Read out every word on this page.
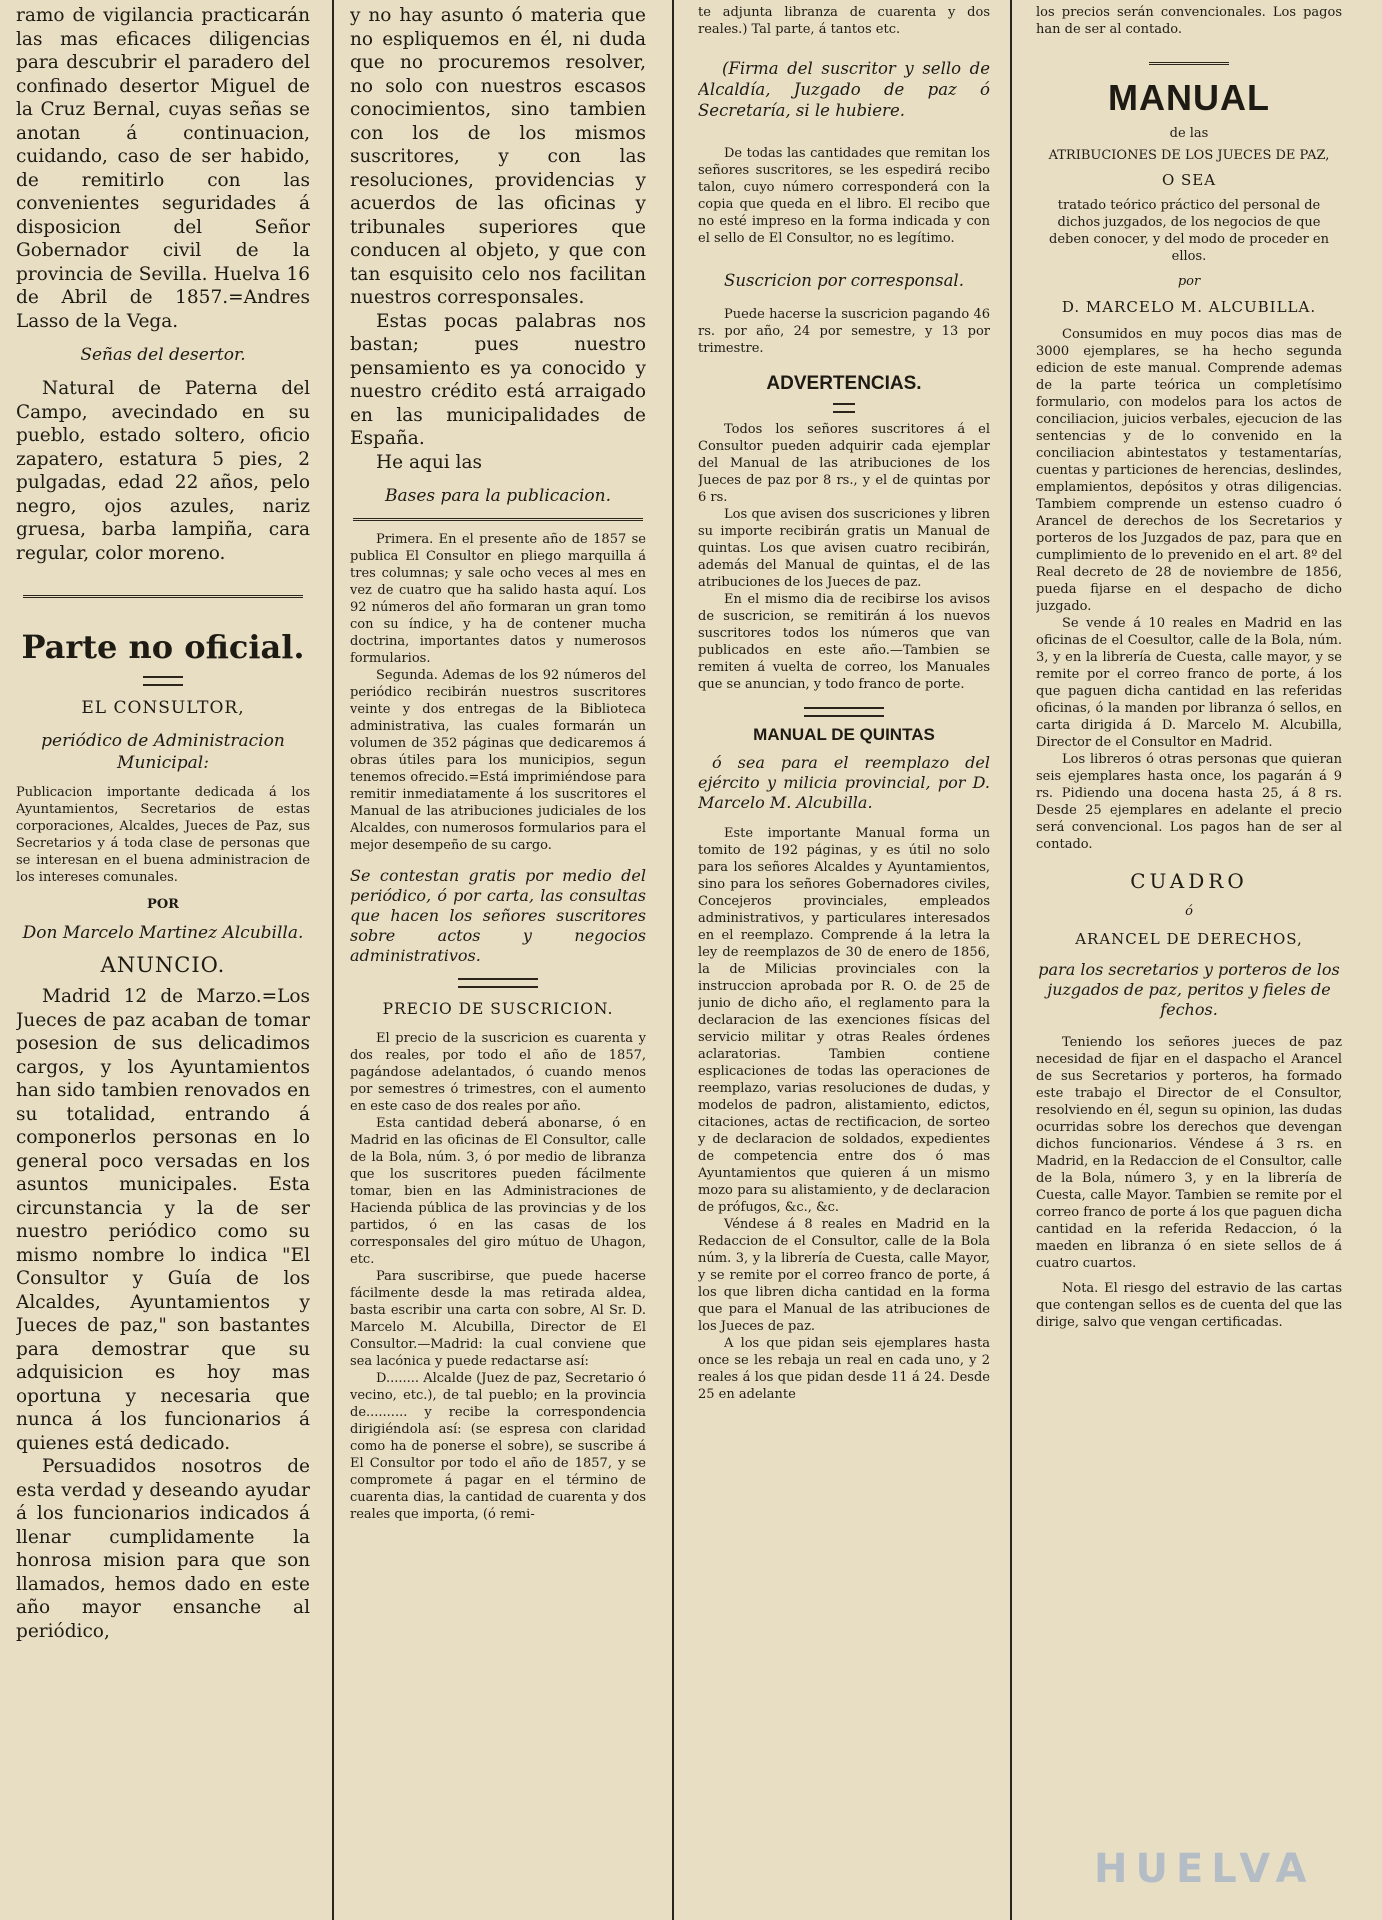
ramo de vigilancia practicarán las mas eficaces diligencias para descubrir el paradero del confinado desertor Miguel de la Cruz Bernal, cuyas señas se anotan á continuacion, cuidando, caso de ser habido, de remitirlo con las convenientes seguridades á disposicion del Señor Gobernador civil de la provincia de Sevilla. Huelva 16 de Abril de 1857.=Andres Lasso de la Vega.

Señas del desertor.

Natural de Paterna del Campo, avecindado en su pueblo, estado soltero, oficio zapatero, estatura 5 pies, 2 pulgadas, edad 22 años, pelo negro, ojos azules, nariz gruesa, barba lampiña, cara regular, color moreno.

Parte no oficial.

EL CONSULTOR,

periódico de Administracion Municipal:

Publicacion importante dedicada á los Ayuntamientos, Secretarios de estas corporaciones, Alcaldes, Jueces de Paz, sus Secretarios y á toda clase de personas que se interesan en el buena administracion de los intereses comunales.

POR

Don Marcelo Martinez Alcubilla.

ANUNCIO.

Madrid 12 de Marzo.=Los Jueces de paz acaban de tomar posesion de sus delicadimos cargos, y los Ayuntamientos han sido tambien renovados en su totalidad, entrando á componerlos personas en lo general poco versadas en los asuntos municipales. Esta circunstancia y la de ser nuestro periódico como su mismo nombre lo indica "El Consultor y Guía de los Alcaldes, Ayuntamientos y Jueces de paz," son bastantes para demostrar que su adquisicion es hoy mas oportuna y necesaria que nunca á los funcionarios á quienes está dedicado.

Persuadidos nosotros de esta verdad y deseando ayudar á los funcionarios indicados á llenar cumplidamente la honrosa mision para que son llamados, hemos dado en este año mayor ensanche al periódico,

y no hay asunto ó materia que no espliquemos en él, ni duda que no procuremos resolver, no solo con nuestros escasos conocimientos, sino tambien con los de los mismos suscritores, y con las resoluciones, providencias y acuerdos de las oficinas y tribunales superiores que conducen al objeto, y que con tan esquisito celo nos facilitan nuestros corresponsales.

Estas pocas palabras nos bastan; pues nuestro pensamiento es ya conocido y nuestro crédito está arraigado en las municipalidades de España.

He aqui las

Bases para la publicacion.

Primera. En el presente año de 1857 se publica El Consultor en pliego marquilla á tres columnas; y sale ocho veces al mes en vez de cuatro que ha salido hasta aquí. Los 92 números del año formaran un gran tomo con su índice, y ha de contener mucha doctrina, importantes datos y numerosos formularios.

Segunda. Ademas de los 92 números del periódico recibirán nuestros suscritores veinte y dos entregas de la Biblioteca administrativa, las cuales formarán un volumen de 352 páginas que dedicaremos á obras útiles para los municipios, segun tenemos ofrecido.=Está imprimiéndose para remitir inmediatamente á los suscritores el Manual de las atribuciones judiciales de los Alcaldes, con numerosos formularios para el mejor desempeño de su cargo.

Se contestan gratis por medio del periódico, ó por carta, las consultas que hacen los señores suscritores sobre actos y negocios administrativos.

PRECIO DE SUSCRICION.

El precio de la suscricion es cuarenta y dos reales, por todo el año de 1857, pagándose adelantados, ó cuando menos por semestres ó trimestres, con el aumento en este caso de dos reales por año.

Esta cantidad deberá abonarse, ó en Madrid en las oficinas de El Consultor, calle de la Bola, núm. 3, ó por medio de libranza que los suscritores pueden fácilmente tomar, bien en las Administraciones de Hacienda pública de las provincias y de los partidos, ó en las casas de los corresponsales del giro mútuo de Uhagon, etc.

Para suscribirse, que puede hacerse fácilmente desde la mas retirada aldea, basta escribir una carta con sobre, Al Sr. D. Marcelo M. Alcubilla, Director de El Consultor.—Madrid: la cual conviene que sea lacónica y puede redactarse así:

D........ Alcalde (Juez de paz, Secretario ó vecino, etc.), de tal pueblo; en la provincia de.......... y recibe la correspondencia dirigiéndola así: (se espresa con claridad como ha de ponerse el sobre), se suscribe á El Consultor por todo el año de 1857, y se compromete á pagar en el término de cuarenta dias, la cantidad de cuarenta y dos reales que importa, (ó remi-

te adjunta libranza de cuarenta y dos reales.) Tal parte, á tantos etc.

(Firma del suscritor y sello de Alcaldía, Juzgado de paz ó Secretaría, si le hubiere.

De todas las cantidades que remitan los señores suscritores, se les espedirá recibo talon, cuyo número corresponderá con la copia que queda en el libro. El recibo que no esté impreso en la forma indicada y con el sello de El Consultor, no es legítimo.

Suscricion por corresponsal.

Puede hacerse la suscricion pagando 46 rs. por año, 24 por semestre, y 13 por trimestre.

ADVERTENCIAS.

Todos los señores suscritores á el Consultor pueden adquirir cada ejemplar del Manual de las atribuciones de los Jueces de paz por 8 rs., y el de quintas por 6 rs.

Los que avisen dos suscriciones y libren su importe recibirán gratis un Manual de quintas. Los que avisen cuatro recibirán, además del Manual de quintas, el de las atribuciones de los Jueces de paz.

En el mismo dia de recibirse los avisos de suscricion, se remitirán á los nuevos suscritores todos los números que van publicados en este año.—Tambien se remiten á vuelta de correo, los Manuales que se anuncian, y todo franco de porte.

MANUAL DE QUINTAS

ó sea para el reemplazo del ejército y milicia provincial, por D. Marcelo M. Alcubilla.

Este importante Manual forma un tomito de 192 páginas, y es útil no solo para los señores Alcaldes y Ayuntamientos, sino para los señores Gobernadores civiles, Concejeros provinciales, empleados administrativos, y particulares interesados en el reemplazo. Comprende á la letra la ley de reemplazos de 30 de enero de 1856, la de Milicias provinciales con la instruccion aprobada por R. O. de 25 de junio de dicho año, el reglamento para la declaracion de las exenciones físicas del servicio militar y otras Reales órdenes aclaratorias. Tambien contiene esplicaciones de todas las operaciones de reemplazo, varias resoluciones de dudas, y modelos de padron, alistamiento, edictos, citaciones, actas de rectificacion, de sorteo y de declaracion de soldados, expedientes de competencia entre dos ó mas Ayuntamientos que quieren á un mismo mozo para su alistamiento, y de declaracion de prófugos, &c., &c.

Véndese á 8 reales en Madrid en la Redaccion de el Consultor, calle de la Bola núm. 3, y la librería de Cuesta, calle Mayor, y se remite por el correo franco de porte, á los que libren dicha cantidad en la forma que para el Manual de las atribuciones de los Jueces de paz.

A los que pidan seis ejemplares hasta once se les rebaja un real en cada uno, y 2 reales á los que pidan desde 11 á 24. Desde 25 en adelante

los precios serán convencionales. Los pagos han de ser al contado.

MANUAL

de las

ATRIBUCIONES DE LOS JUECES DE PAZ,

O SEA

tratado teórico práctico del personal de dichos juzgados, de los negocios de que deben conocer, y del modo de proceder en ellos.

por

D. MARCELO M. ALCUBILLA.

Consumidos en muy pocos dias mas de 3000 ejemplares, se ha hecho segunda edicion de este manual. Comprende ademas de la parte teórica un completísimo formulario, con modelos para los actos de conciliacion, juicios verbales, ejecucion de las sentencias y de lo convenido en la conciliacion abintestatos y testamentarías, cuentas y particiones de herencias, deslindes, emplamientos, depósitos y otras diligencias. Tambiem comprende un estenso cuadro ó Arancel de derechos de los Secretarios y porteros de los Juzgados de paz, para que en cumplimiento de lo prevenido en el art. 8º del Real decreto de 28 de noviembre de 1856, pueda fijarse en el despacho de dicho juzgado.

Se vende á 10 reales en Madrid en las oficinas de el Coesultor, calle de la Bola, núm. 3, y en la librería de Cuesta, calle mayor, y se remite por el correo franco de porte, á los que paguen dicha cantidad en las referidas oficinas, ó la manden por libranza ó sellos, en carta dirigida á D. Marcelo M. Alcubilla, Director de el Consultor en Madrid.

Los libreros ó otras personas que quieran seis ejemplares hasta once, los pagarán á 9 rs. Pidiendo una docena hasta 25, á 8 rs. Desde 25 ejemplares en adelante el precio será convencional. Los pagos han de ser al contado.

CUADRO

ó

ARANCEL DE DERECHOS,

para los secretarios y porteros de los juzgados de paz, peritos y fieles de fechos.

Teniendo los señores jueces de paz necesidad de fijar en el daspacho el Arancel de sus Secretarios y porteros, ha formado este trabajo el Director de el Consultor, resolviendo en él, segun su opinion, las dudas ocurridas sobre los derechos que devengan dichos funcionarios. Véndese á 3 rs. en Madrid, en la Redaccion de el Consultor, calle de la Bola, número 3, y en la librería de Cuesta, calle Mayor. Tambien se remite por el correo franco de porte á los que paguen dicha cantidad en la referida Redaccion, ó la maeden en libranza ó en siete sellos de á cuatro cuartos.

Nota. El riesgo del estravio de las cartas que contengan sellos es de cuenta del que las dirige, salvo que vengan certificadas.

HUELVA
